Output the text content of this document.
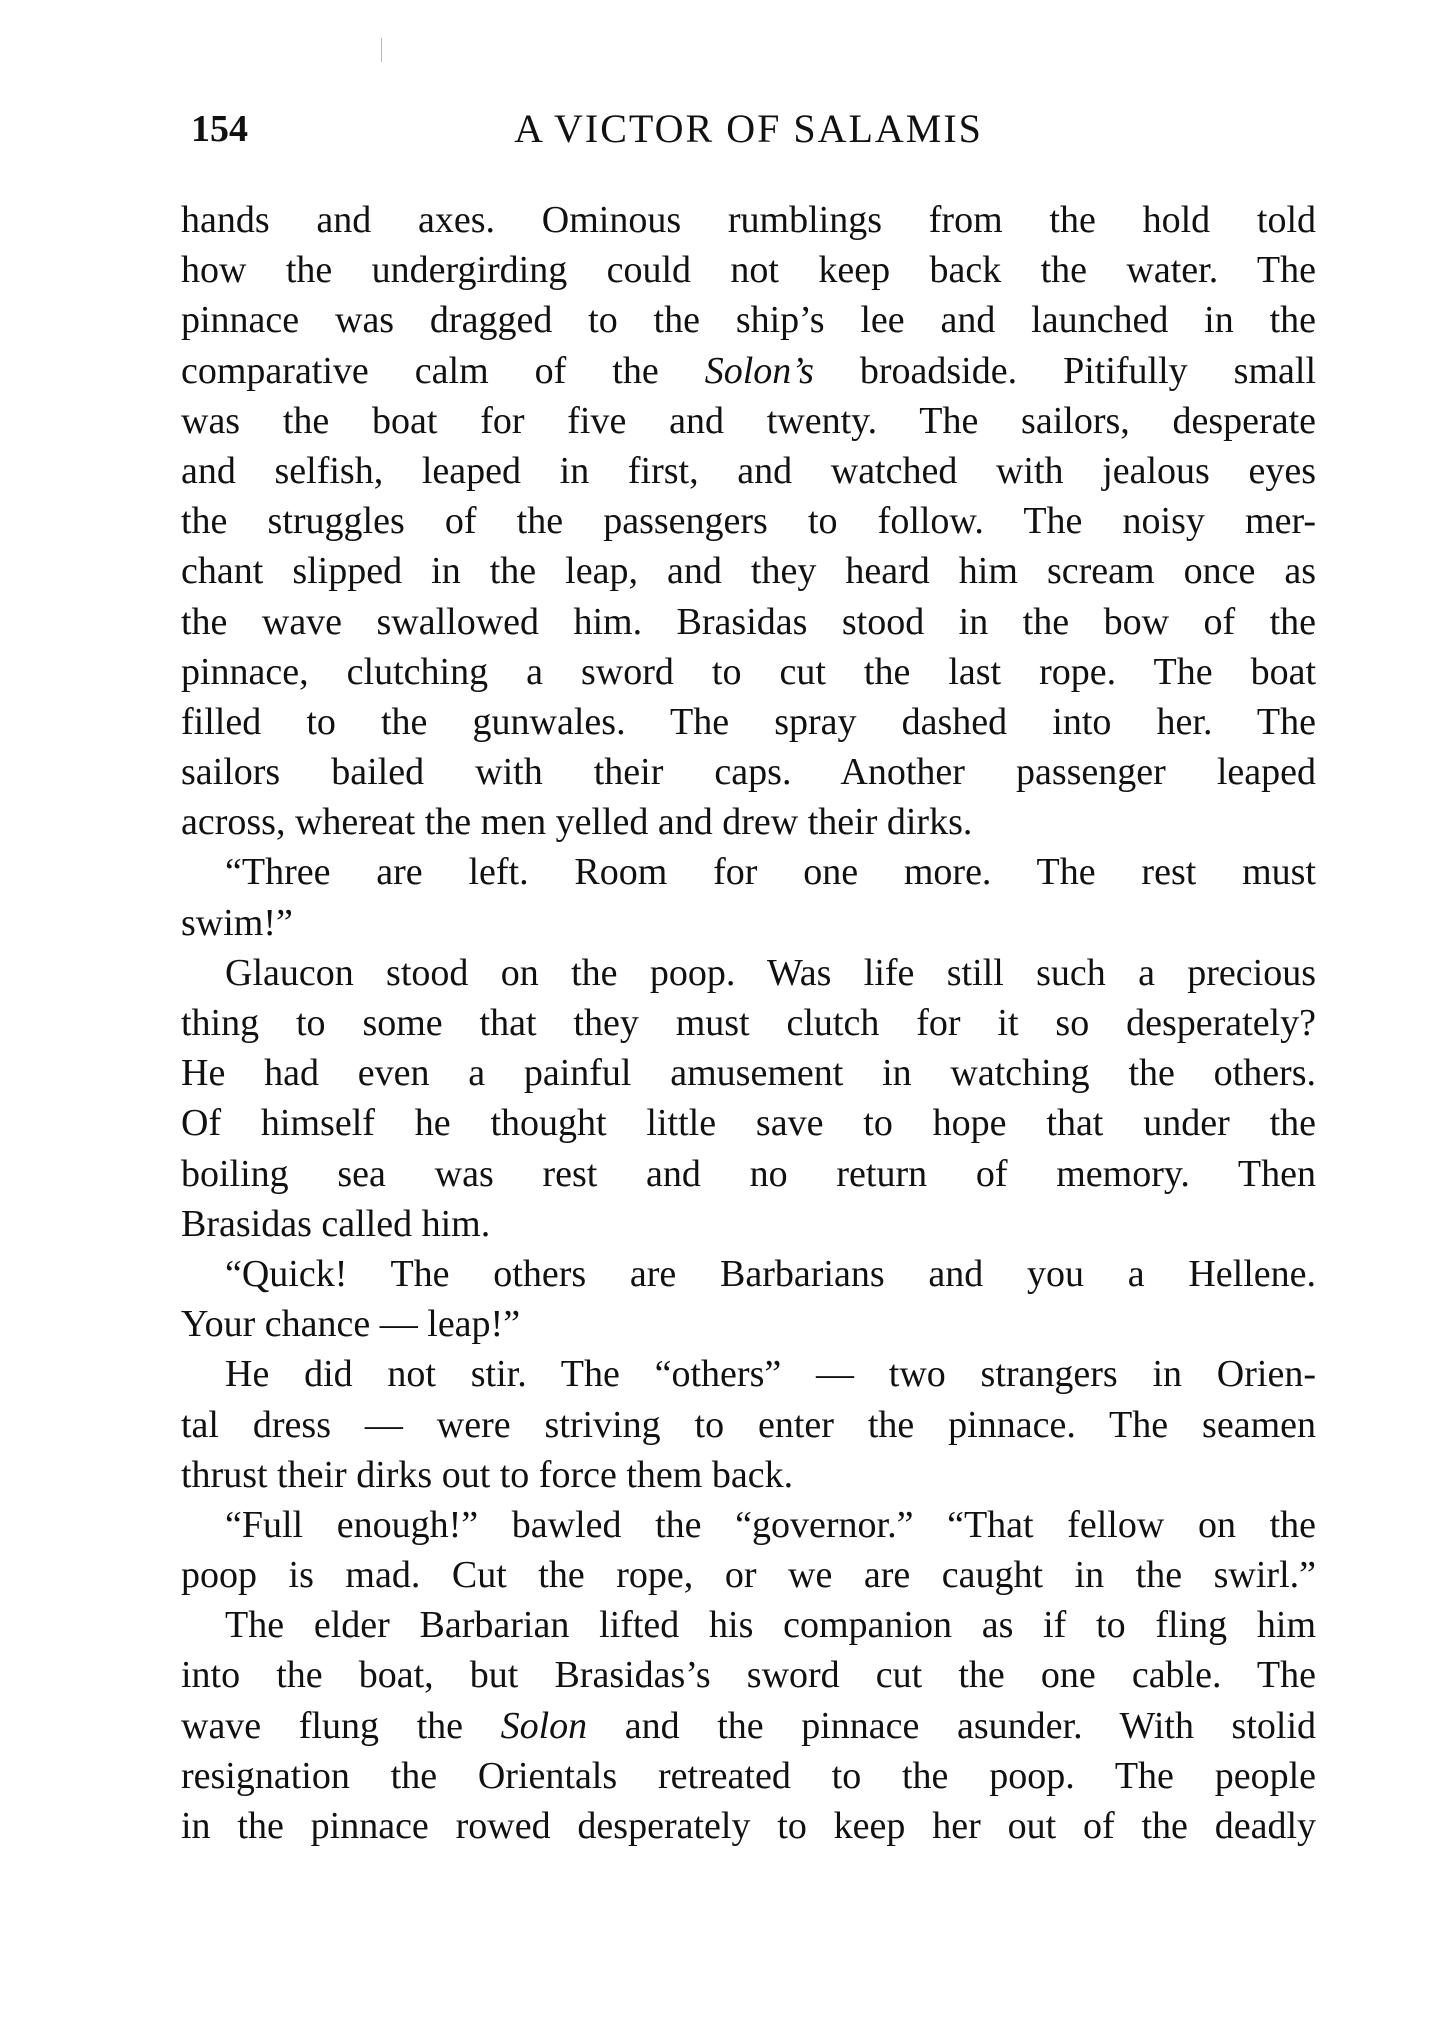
154	A VICTOR OF SALAMIS
hands and axes. Ominous rumblings from the hold told
how the undergirding could not keep back the water. The
pinnace was dragged to the ship’s lee and launched in the
comparative calm of the Solon’s broadside. Pitifully small
was the boat for five and twenty. The sailors, desperate
and selfish, leaped in first, and watched with jealous eyes
the struggles of the passengers to follow. The noisy mer-
chant slipped in the leap, and they heard him scream once as
the wave swallowed him. Brasidas stood in the bow of the
pinnace, clutching a sword to cut the last rope. The boat
filled to the gunwales. The spray dashed into her. The
sailors bailed with their caps. Another passenger leaped
across, whereat the men yelled and drew their dirks.
“Three are left. Room for one more. The rest must
swim!”
Glaucon stood on the poop. Was life still such a precious
thing to some that they must clutch for it so desperately?
He had even a painful amusement in watching the others.
Of himself he thought little save to hope that under the
boiling sea was rest and no return of memory. Then
Brasidas called him.
“Quick! The others are Barbarians and you a Hellene.
Your chance — leap!”
He did not stir. The “others” — two strangers in Orien-
tal dress — were striving to enter the pinnace. The seamen
thrust their dirks out to force them back.
“Full enough!” bawled the “governor.” “That fellow on the
poop is mad. Cut the rope, or we are caught in the swirl.”
The elder Barbarian lifted his companion as if to fling him
into the boat, but Brasidas’s sword cut the one cable. The
wave flung the Solon and the pinnace asunder. With stolid
resignation the Orientals retreated to the poop. The people
in the pinnace rowed desperately to keep her out of the deadly
